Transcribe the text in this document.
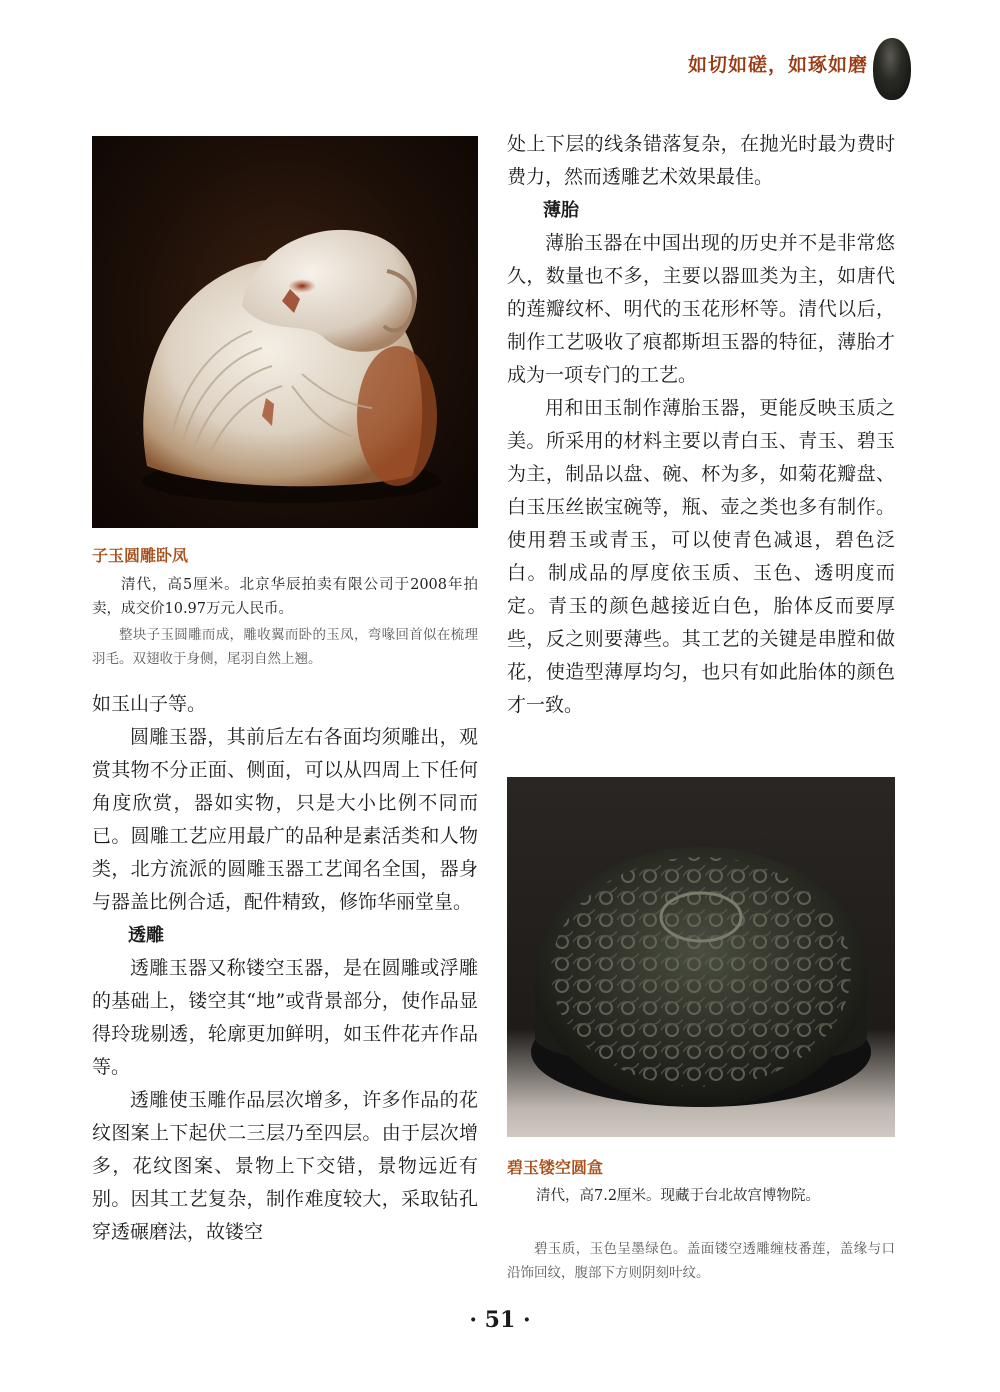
如切如磋，如琢如磨
子玉圆雕卧凤
清代，高5厘米。北京华辰拍卖有限公司于2008年拍卖，成交价10.97万元人民币。
整块子玉圆雕而成，雕收翼而卧的玉凤，弯喙回首似在梳理羽毛。双翅收于身侧，尾羽自然上翘。

如玉山子等。

圆雕玉器，其前后左右各面均须雕出，观赏其物不分正面、侧面，可以从四周上下任何角度欣赏，器如实物，只是大小比例不同而已。圆雕工艺应用最广的品种是素活类和人物类，北方流派的圆雕玉器工艺闻名全国，器身与器盖比例合适，配件精致，修饰华丽堂皇。

透雕

透雕玉器又称镂空玉器，是在圆雕或浮雕的基础上，镂空其“地”或背景部分，使作品显得玲珑剔透，轮廓更加鲜明，如玉件花卉作品等。

透雕使玉雕作品层次增多，许多作品的花纹图案上下起伏二三层乃至四层。由于层次增多，花纹图案、景物上下交错，景物远近有别。因其工艺复杂，制作难度较大，采取钻孔穿透碾磨法，故镂空

处上下层的线条错落复杂，在抛光时最为费时费力，然而透雕艺术效果最佳。

薄胎

薄胎玉器在中国出现的历史并不是非常悠久，数量也不多，主要以器皿类为主，如唐代的莲瓣纹杯、明代的玉花形杯等。清代以后，制作工艺吸收了痕都斯坦玉器的特征，薄胎才成为一项专门的工艺。

用和田玉制作薄胎玉器，更能反映玉质之美。所采用的材料主要以青白玉、青玉、碧玉为主，制品以盘、碗、杯为多，如菊花瓣盘、白玉压丝嵌宝碗等，瓶、壶之类也多有制作。使用碧玉或青玉，可以使青色减退，碧色泛白。制成品的厚度依玉质、玉色、透明度而定。青玉的颜色越接近白色，胎体反而要厚些，反之则要薄些。其工艺的关键是串膛和做花，使造型薄厚均匀，也只有如此胎体的颜色才一致。

碧玉镂空圆盒
清代，高7.2厘米。现藏于台北故宫博物院。
碧玉质，玉色呈墨绿色。盖面镂空透雕缠枝番莲，盖缘与口沿饰回纹，腹部下方则阴刻叶纹。
· 51 ·
